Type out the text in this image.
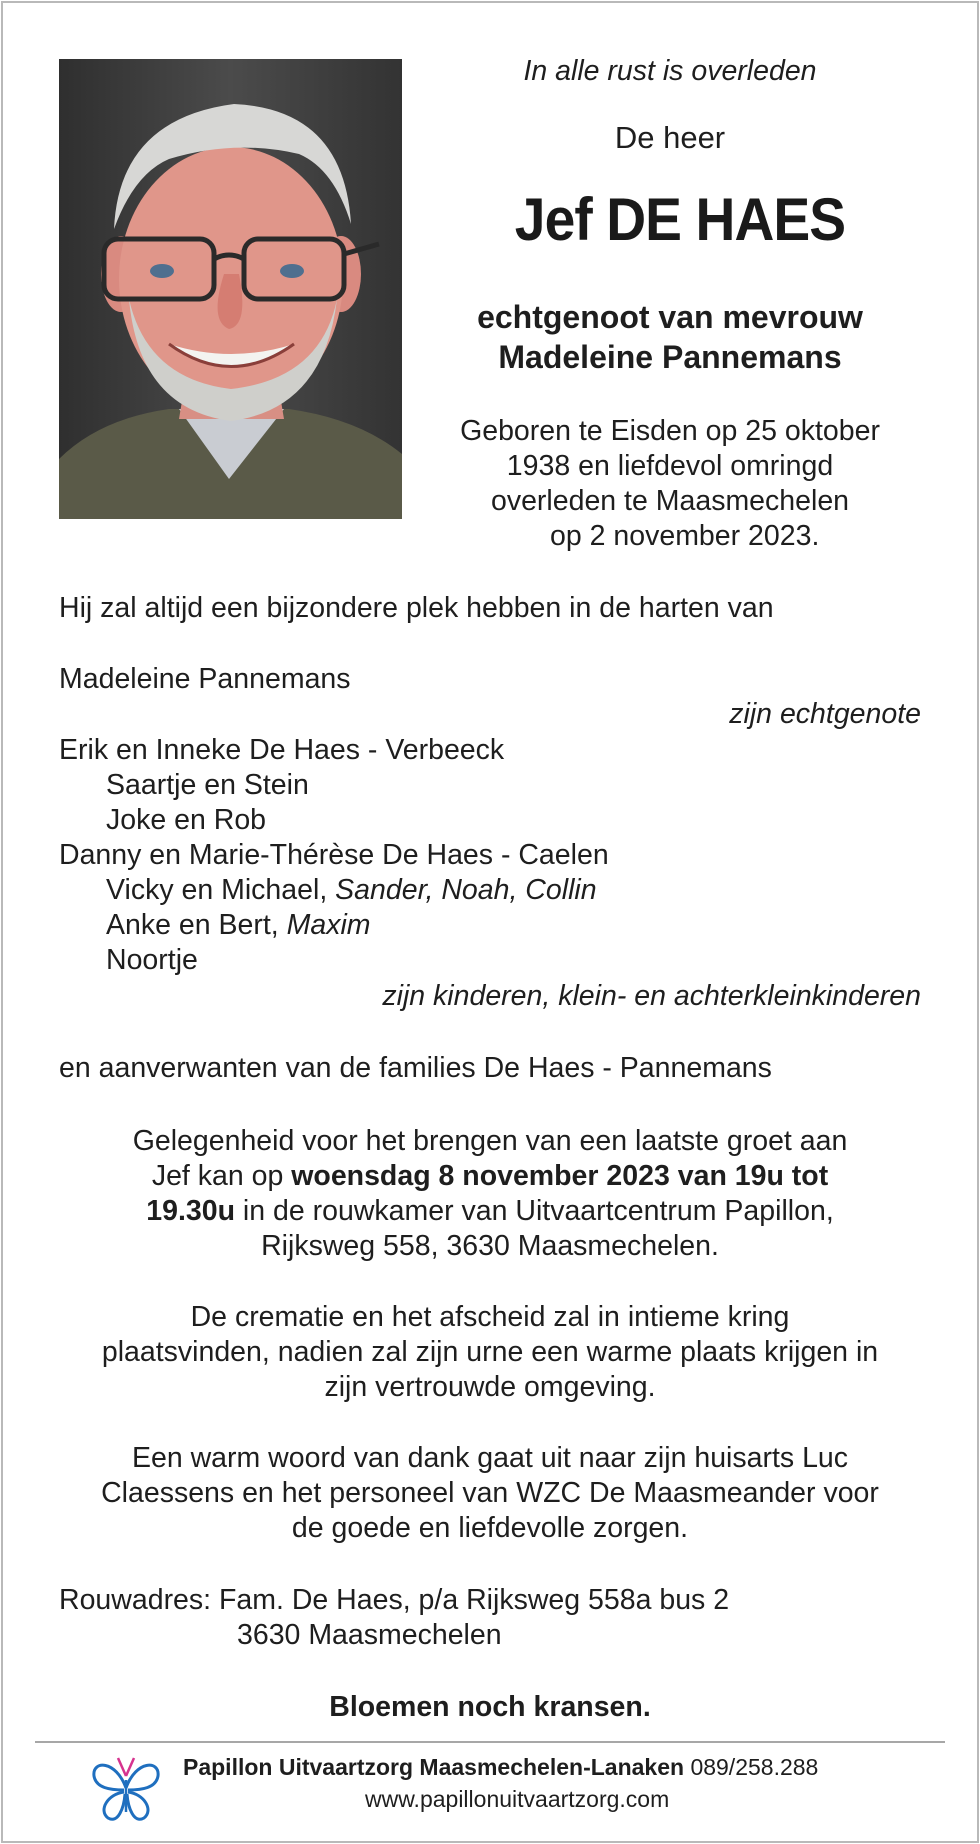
In alle rust is overleden
De heer
Jef DE HAES
echtgenoot van mevrouw
Madeleine Pannemans
Geboren te Eisden op 25 oktober
1938 en liefdevol omringd
overleden te Maasmechelen
op 2 november 2023.
Hij zal altijd een bijzondere plek hebben in de harten van
Madeleine Pannemans
zijn echtgenote
Erik en Inneke De Haes - Verbeeck
Saartje en Stein
Joke en Rob
Danny en Marie-Thérèse De Haes - Caelen
Vicky en Michael, Sander, Noah, Collin
Anke en Bert, Maxim
Noortje
zijn kinderen, klein- en achterkleinkinderen
en aanverwanten van de families De Haes - Pannemans
Gelegenheid voor het brengen van een laatste groet aan
Jef kan op woensdag 8 november 2023 van 19u tot
19.30u in de rouwkamer van Uitvaartcentrum Papillon,
Rijksweg 558, 3630 Maasmechelen.
De crematie en het afscheid zal in intieme kring
plaatsvinden, nadien zal zijn urne een warme plaats krijgen in
zijn vertrouwde omgeving.
Een warm woord van dank gaat uit naar zijn huisarts Luc
Claessens en het personeel van WZC De Maasmeander voor
de goede en liefdevolle zorgen.
Rouwadres: Fam. De Haes, p/a Rijksweg 558a bus 2
3630 Maasmechelen
Bloemen noch kransen.
Papillon Uitvaartzorg Maasmechelen-Lanaken 089/258.288
www.papillonuitvaartzorg.com
